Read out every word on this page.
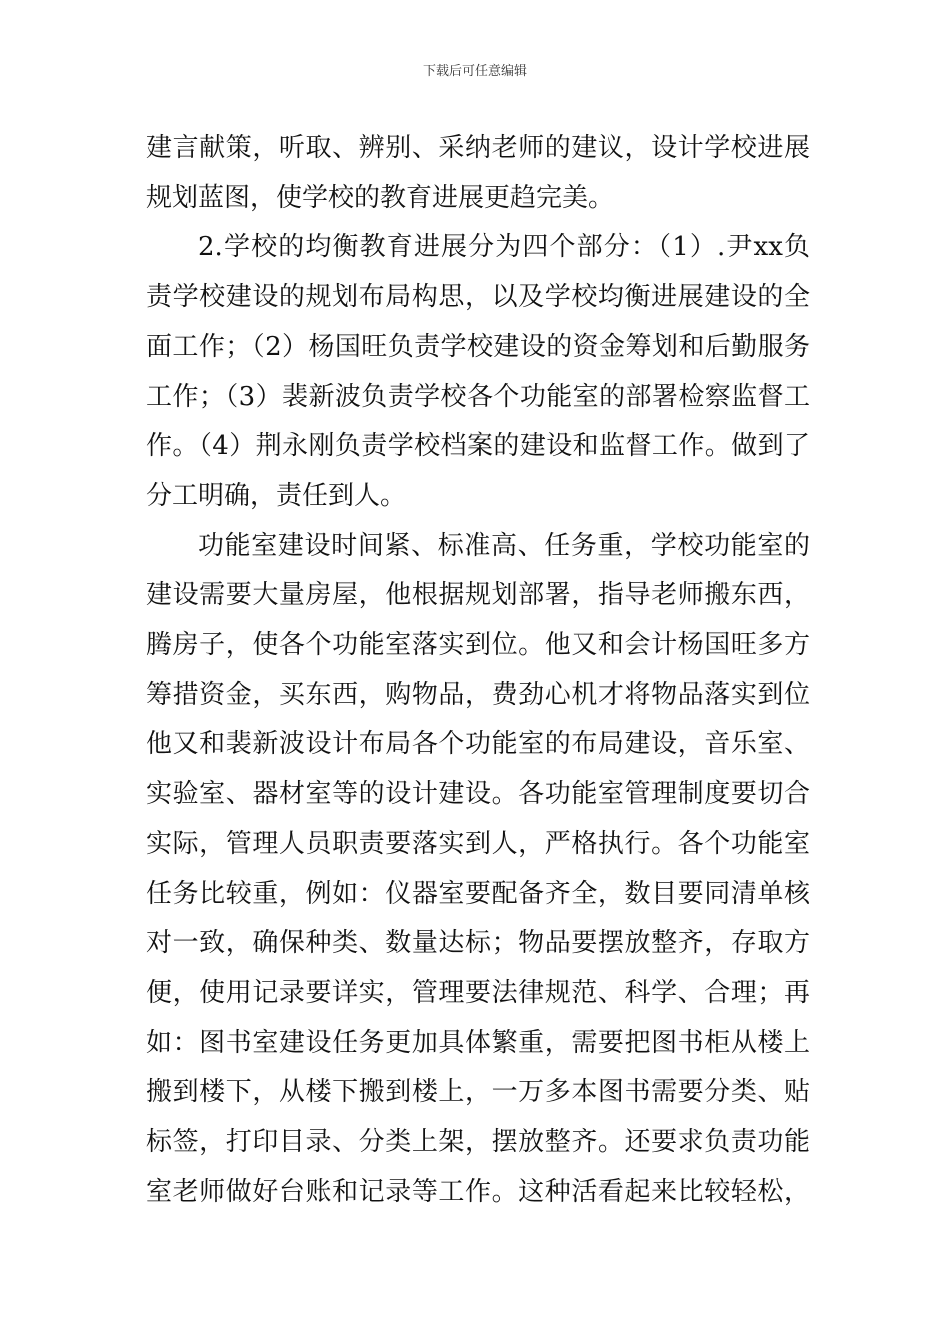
下载后可任意编辑
建言献策，听取、辨别、采纳老师的建议，设计学校进展
规划蓝图，使学校的教育进展更趋完美。
2.学校的均衡教育进展分为四个部分：（1）.尹xx负
责学校建设的规划布局构思，以及学校均衡进展建设的全
面工作；（2）杨国旺负责学校建设的资金筹划和后勤服务
工作；（3）裴新波负责学校各个功能室的部署检察监督工
作。（4）荆永刚负责学校档案的建设和监督工作。做到了
分工明确，责任到人。
功能室建设时间紧、标准高、任务重，学校功能室的
建设需要大量房屋，他根据规划部署，指导老师搬东西，
腾房子，使各个功能室落实到位。他又和会计杨国旺多方
筹措资金，买东西，购物品，费劲心机才将物品落实到位
他又和裴新波设计布局各个功能室的布局建设，音乐室、
实验室、器材室等的设计建设。各功能室管理制度要切合
实际，管理人员职责要落实到人，严格执行。各个功能室
任务比较重，例如：仪器室要配备齐全，数目要同清单核
对一致，确保种类、数量达标；物品要摆放整齐，存取方
便，使用记录要详实，管理要法律规范、科学、合理；再
如：图书室建设任务更加具体繁重，需要把图书柜从楼上
搬到楼下，从楼下搬到楼上，一万多本图书需要分类、贴
标签，打印目录、分类上架，摆放整齐。还要求负责功能
室老师做好台账和记录等工作。这种活看起来比较轻松，
